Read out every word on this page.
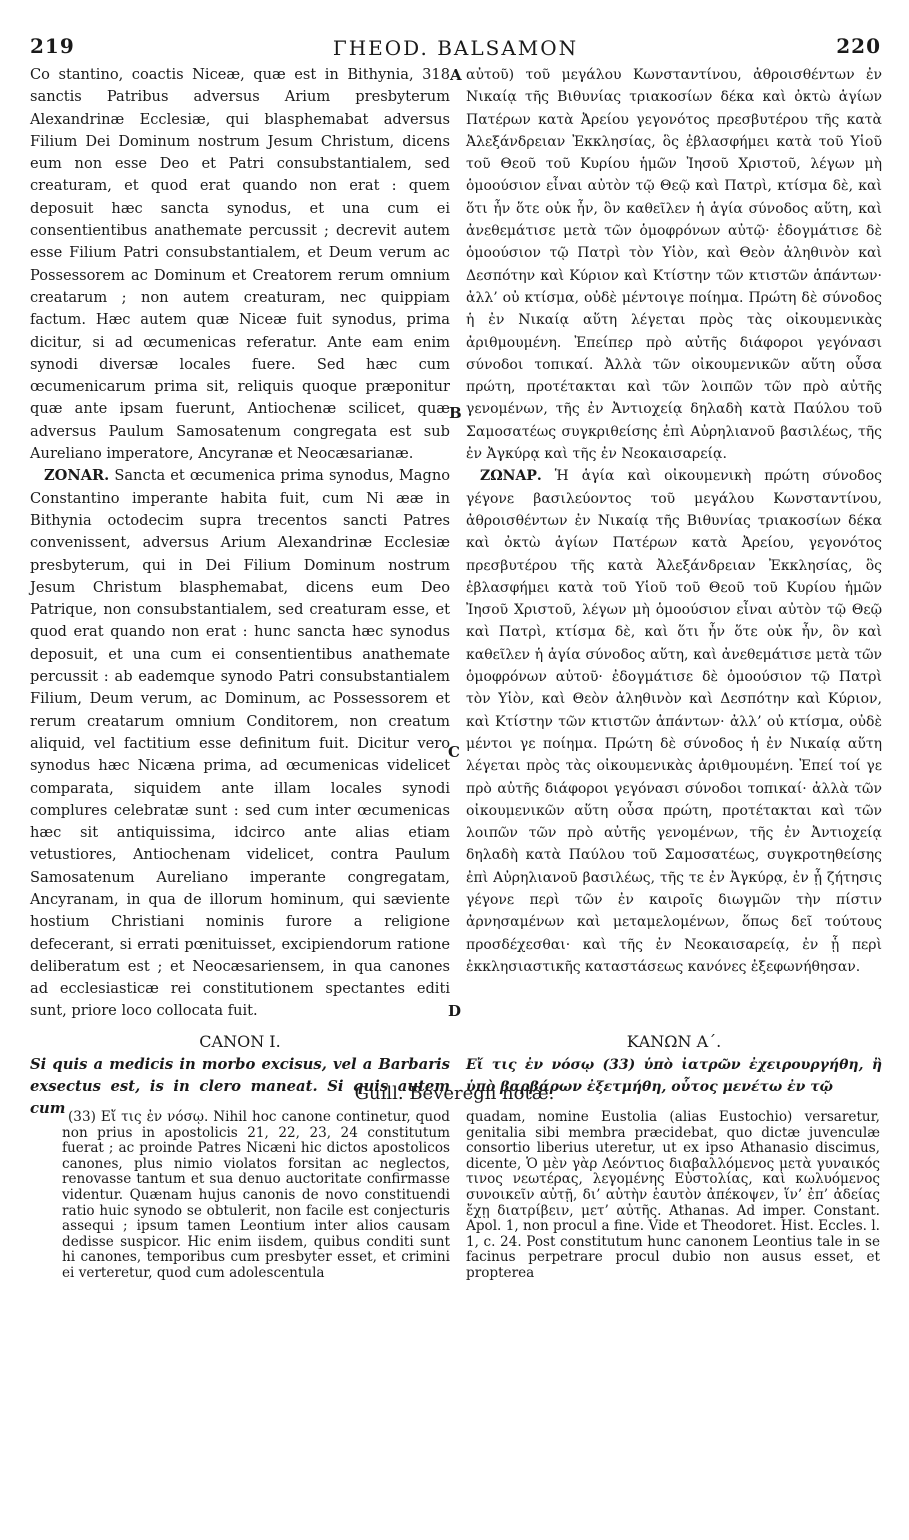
219	ΓΗΕΟD. BALSAMON	220

Co stantino, coactis Niceæ, quæ est in Bithynia, 318 sanctis Patribus adversus Arium presbyterum Alexandrinæ Ecclesiæ, qui blasphemabat adversus Filium Dei Dominum nostrum Jesum Christum, dicens eum non esse Deo et Patri consubstantialem, sed creaturam, et quod erat quando non erat : quem deposuit hæc sancta synodus, et una cum ei consentientibus anathemate percussit ; decrevit autem esse Filium Patri consubstantialem, et Deum verum ac Possessorem ac Dominum et Creatorem rerum omnium creatarum ; non autem creaturam, nec quippiam factum. Hæc autem quæ Niceæ fuit synodus, prima dicitur, si ad œcumenicas referatur. Ante eam enim synodi diversæ locales fuere. Sed hæc cum œcumenicarum prima sit, reliquis quoque præponitur quæ ante ipsam fuerunt, Antiochenæ scilicet, quæ adversus Paulum Samosatenum congregata est sub Aureliano imperatore, Ancyranæ et Neocæsarianæ.

ZONAR. Sancta et œcumenica prima synodus, Magno Constantino imperante habita fuit, cum Ni ææ in Bithynia octodecim supra trecentos sancti Patres convenissent, adversus Arium Alexandrinæ Ecclesiæ presbyterum, qui in Dei Filium Dominum nostrum Jesum Christum blasphemabat, dicens eum Deo Patrique, non consubstantialem, sed creaturam esse, et quod erat quando non erat : hunc sancta hæc synodus deposuit, et una cum ei consentientibus anathemate percussit : ab eademque synodo Patri consubstantialem Filium, Deum verum, ac Dominum, ac Possessorem et rerum creatarum omnium Conditorem, non creatum aliquid, vel factitium esse definitum fuit. Dicitur vero synodus hæc Nicæna prima, ad œcumenicas videlicet comparata, siquidem ante illam locales synodi complures celebratæ sunt : sed cum inter œcumenicas hæc sit antiquissima, idcirco ante alias etiam vetustiores, Antiochenam videlicet, contra Paulum Samosatenum Aureliano imperante congregatam, Ancyranam, in qua de illorum hominum, qui sæviente hostium Christiani nominis furore a religione defecerant, si errati pœnituisset, excipiendorum ratione deliberatum est ; et Neocæsariensem, in qua canones ad ecclesiasticæ rei constitutionem spectantes editi sunt, priore loco collocata fuit.

αὐτοῦ) τοῦ μεγάλου Κωνσταντίνου, ἀθροισθέντων ἐν Νικαίᾳ τῆς Βιθυνίας τριακοσίων δέκα καὶ ὀκτὼ ἁγίων Πατέρων κατὰ Ἀρείου γεγονότος πρεσβυτέρου τῆς κατὰ Ἀλεξάνδρειαν Ἐκκλησίας, ὃς ἐβλασφήμει κατὰ τοῦ Υἱοῦ τοῦ Θεοῦ τοῦ Κυρίου ἡμῶν Ἰησοῦ Χριστοῦ, λέγων μὴ ὁμοούσιον εἶναι αὐτὸν τῷ Θεῷ καὶ Πατρὶ, κτίσμα δὲ, καὶ ὅτι ἦν ὅτε οὐκ ἦν, ὃν καθεῖλεν ἡ ἁγία σύνοδος αὕτη, καὶ ἀνεθεμάτισε μετὰ τῶν ὁμοφρόνων αὐτῷ· ἐδογμάτισε δὲ ὁμοούσιον τῷ Πατρὶ τὸν Υἱὸν, καὶ Θεὸν ἀληθινὸν καὶ Δεσπότην καὶ Κύριον καὶ Κτίστην τῶν κτιστῶν ἁπάντων· ἀλλ’ οὐ κτίσμα, οὐδὲ μέντοιγε ποίημα. Πρώτη δὲ σύνοδος ἡ ἐν Νικαίᾳ αὕτη λέγεται πρὸς τὰς οἰκουμενικὰς ἀριθμουμένη. Ἐπείπερ πρὸ αὐτῆς διάφοροι γεγόνασι σύνοδοι τοπικαί. Ἀλλὰ τῶν οἰκουμενικῶν αὕτη οὖσα πρώτη, προτέτακται καὶ τῶν λοιπῶν τῶν πρὸ αὐτῆς γενομένων, τῆς ἐν Ἀντιοχείᾳ δηλαδὴ κατὰ Παύλου τοῦ Σαμοσατέως συγκριθείσης ἐπὶ Αὐρηλιανοῦ βασιλέως, τῆς ἐν Ἀγκύρᾳ καὶ τῆς ἐν Νεοκαισαρείᾳ.

ΖΩΝΑΡ. Ἡ ἁγία καὶ οἰκουμενικὴ πρώτη σύνοδος γέγονε βασιλεύοντος τοῦ μεγάλου Κωνσταντίνου, ἀθροισθέντων ἐν Νικαίᾳ τῆς Βιθυνίας τριακοσίων δέκα καὶ ὀκτὼ ἁγίων Πατέρων κατὰ Ἀρείου, γεγονότος πρεσβυτέρου τῆς κατὰ Ἀλεξάνδρειαν Ἐκκλησίας, ὃς ἐβλασφήμει κατὰ τοῦ Υἱοῦ τοῦ Θεοῦ τοῦ Κυρίου ἡμῶν Ἰησοῦ Χριστοῦ, λέγων μὴ ὁμοούσιον εἶναι αὐτὸν τῷ Θεῷ καὶ Πατρὶ, κτίσμα δὲ, καὶ ὅτι ἦν ὅτε οὐκ ἦν, ὃν καὶ καθεῖλεν ἡ ἁγία σύνοδος αὕτη, καὶ ἀνεθεμάτισε μετὰ τῶν ὁμοφρόνων αὐτοῦ· ἐδογμάτισε δὲ ὁμοούσιον τῷ Πατρὶ τὸν Υἱὸν, καὶ Θεὸν ἀληθινὸν καὶ Δεσπότην καὶ Κύριον, καὶ Κτίστην τῶν κτιστῶν ἁπάντων· ἀλλ’ οὐ κτίσμα, οὐδὲ μέντοι γε ποίημα. Πρώτη δὲ σύνοδος ἡ ἐν Νικαίᾳ αὕτη λέγεται πρὸς τὰς οἰκουμενικὰς ἀριθμουμένη. Ἐπεί τοί γε πρὸ αὐτῆς διάφοροι γεγόνασι σύνοδοι τοπικαί· ἀλλὰ τῶν οἰκουμενικῶν αὕτη οὖσα πρώτη, προτέτακται καὶ τῶν λοιπῶν τῶν πρὸ αὐτῆς γενομένων, τῆς ἐν Ἀντιοχείᾳ δηλαδὴ κατὰ Παύλου τοῦ Σαμοσατέως, συγκροτηθείσης ἐπὶ Αὐρηλιανοῦ βασιλέως, τῆς τε ἐν Ἀγκύρᾳ, ἐν ᾗ ζήτησις γέγονε περὶ τῶν ἐν καιροῖς διωγμῶν τὴν πίστιν ἀρνησαμένων καὶ μεταμελομένων, ὅπως δεῖ τούτους προσδέχεσθαι· καὶ τῆς ἐν Νεοκαισαρείᾳ, ἐν ᾗ περὶ ἐκκλησιαστικῆς καταστάσεως κανόνες ἐξεφωνήθησαν.

A
B
C
D
CANON I.
Si quis a medicis in morbo excisus, vel a Barbaris exsectus est, is in clero maneat. Si quis autem cum
ΚΑΝΩΝ Α΄.
Εἴ τις ἐν νόσῳ (33) ὑπὸ ἰατρῶν ἐχειρουργήθη, ἢ ὑπὸ βαρβάρων ἐξετμήθη, οὗτος μενέτω ἐν τῷ
Guill. Beveregii notæ.

(33) Εἴ τις ἐν νόσῳ. Nihil hoc canone continetur, quod non prius in apostolicis 21, 22, 23, 24 constitutum fuerat ; ac proinde Patres Nicæni hic dictos apostolicos canones, plus nimio violatos forsitan ac neglectos, renovasse tantum et sua denuo auctoritate confirmasse videntur. Quænam hujus canonis de novo constituendi ratio huic synodo se obtulerit, non facile est conjecturis assequi ; ipsum tamen Leontium inter alios causam dedisse suspicor. Hic enim iisdem, quibus conditi sunt hi canones, temporibus cum presbyter esset, et crimini ei verteretur, quod cum adolescentula

quadam, nomine Eustolia (alias Eustochio) versaretur, genitalia sibi membra præcidebat, quo dictæ juvenculæ consortio liberius uteretur, ut ex ipso Athanasio discimus, dicente, Ὁ μὲν γὰρ Λεόντιος διαβαλλόμενος μετὰ γυναικός τινος νεωτέρας, λεγομένης Εὐστολίας, καὶ κωλυόμενος συνοικεῖν αὐτῇ, δι’ αὐτὴν ἑαυτὸν ἀπέκοψεν, ἵν’ ἐπ’ ἀδείας ἔχῃ διατρίβειν, μετ’ αὐτῆς. Athanas. Ad imper. Constant. Apol. 1, non procul a fine. Vide et Theodoret. Hist. Eccles. l. 1, c. 24. Post constitutum hunc canonem Leontius tale in se facinus perpetrare procul dubio non ausus esset, et propterea
